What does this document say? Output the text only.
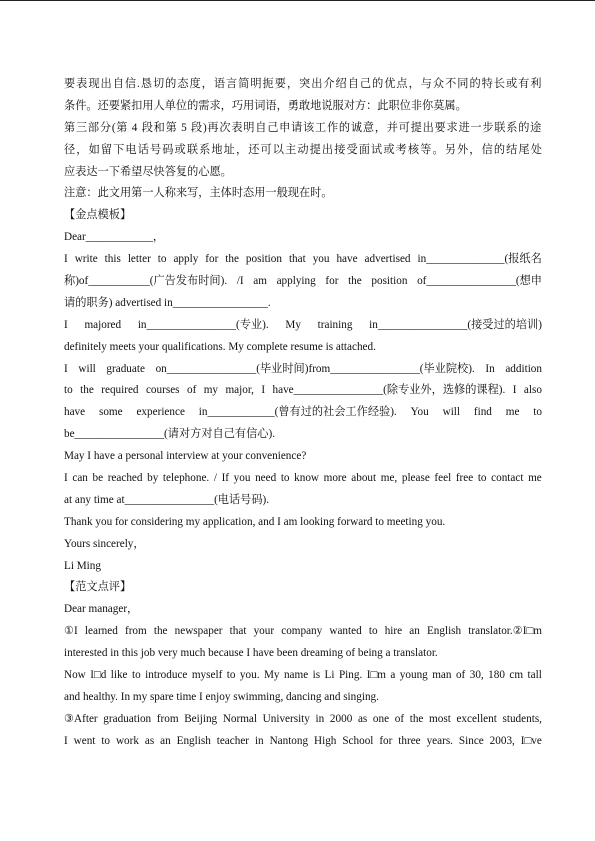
要 表 现 出 自 信 . 恳 切 的 态 度 ， 语 言 简 明 扼 要 ， 突 出 介 绍 自 己 的 优 点 ， 与 众 不 同 的 特 长 或 有 利
条件。还要紧扣用人单位的需求，巧用词语，勇敢地说服对方：此职位非你莫属。
第 三 部 分 ( 第
4
段 和 第
5
段 ) 再 次 表 明 自 己 申 请 该 工 作 的 诚 意 ， 并 可 提 出 要 求 进 一 步 联 系 的 途
径 ， 如 留 下 电 话 号 码 或 联 系 地 址 ， 还 可 以 主 动 提 出 接 受 面 试 或 考 核 等 。 另 外 ， 信 的 结 尾 处
应表达一下希望尽快答复的心愿。
注意：此文用第一人称来写，主体时态用一般现在时。
【金点模板】
Dear____________，
I write this letter to apply for the position that you have advertised in______________(报纸名
称)of___________(广告发布时间). /I am applying for the position of________________(想申
请的职务) advertised in_________________.
I majored in________________(专业). My training in________________(接受过的培训)
definitely meets your qualifications. My complete resume is attached.
I will graduate on________________(毕业时间)from________________(毕业院校). In addition
to the required courses of my major, I have________________(除专业外，选修的课程). I also
have some experience in____________(曾有过的社会工作经验). You will find me to
be________________(请对方对自己有信心).
May I have a personal interview at your convenience?
I can be reached by telephone. / If you need to know more about me, please feel free to contact me
at any time at________________(电话号码).
Thank you for considering my application, and I am looking forward to meeting you.
Yours sincerely，
Li Ming
【范文点评】
Dear manager，
①I learned from the newspaper that your company wanted to hire an English translator.②I□m
interested in this job very much because I have been dreaming of being a translator.
Now I□d like to introduce myself to you. My name is Li Ping. I□m a young man of 30, 180 cm tall
and healthy. In my spare time I enjoy swimming, dancing and singing.
③After graduation from Beijing Normal University in 2000 as one of the most excellent students,
I went to work as an English teacher in Nantong High School for three years. Since 2003, I□ve
